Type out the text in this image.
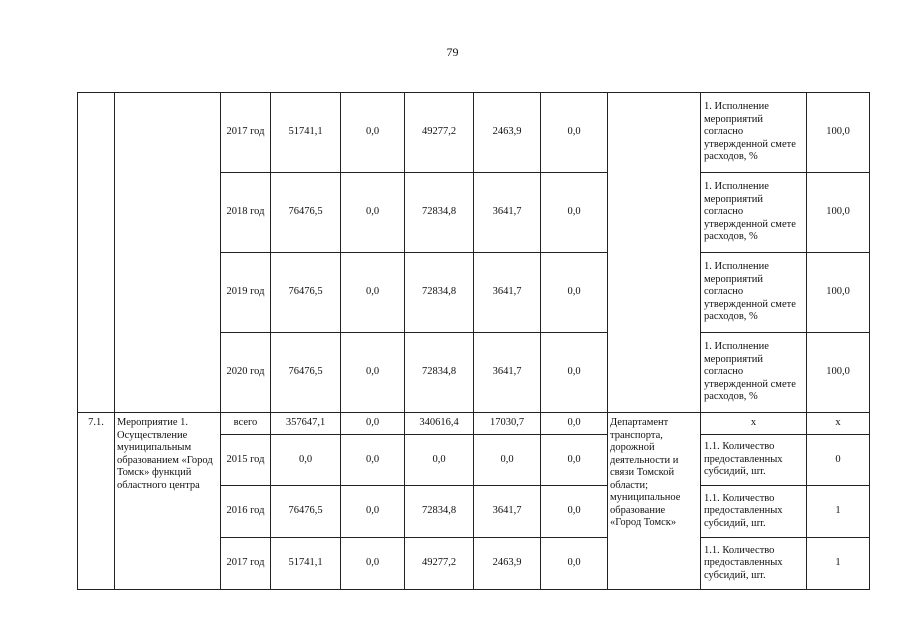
79
		2017 год	51741,1	0,0	49277,2	2463,9	0,0		1. Исполнение мероприятий согласно утвержденной смете расходов, %	100,0
		2018 год	76476,5	0,0	72834,8	3641,7	0,0		1. Исполнение мероприятий согласно утвержденной смете расходов, %	100,0
		2019 год	76476,5	0,0	72834,8	3641,7	0,0		1. Исполнение мероприятий согласно утвержденной смете расходов, %	100,0
		2020 год	76476,5	0,0	72834,8	3641,7	0,0		1. Исполнение мероприятий согласно утвержденной смете расходов, %	100,0
7.1.	Мероприятие 1. Осуществление муниципальным образованием «Город Томск» функций областного центра	всего	357647,1	0,0	340616,4	17030,7	0,0	Департамент транспорта, дорожной деятельности и связи Томской области; муниципальное образование «Город Томск»	x	x
		2015 год	0,0	0,0	0,0	0,0	0,0		1.1. Количество предоставленных субсидий, шт.	0
		2016 год	76476,5	0,0	72834,8	3641,7	0,0		1.1. Количество предоставленных субсидий, шт.	1
		2017 год	51741,1	0,0	49277,2	2463,9	0,0		1.1. Количество предоставленных субсидий, шт.	1
